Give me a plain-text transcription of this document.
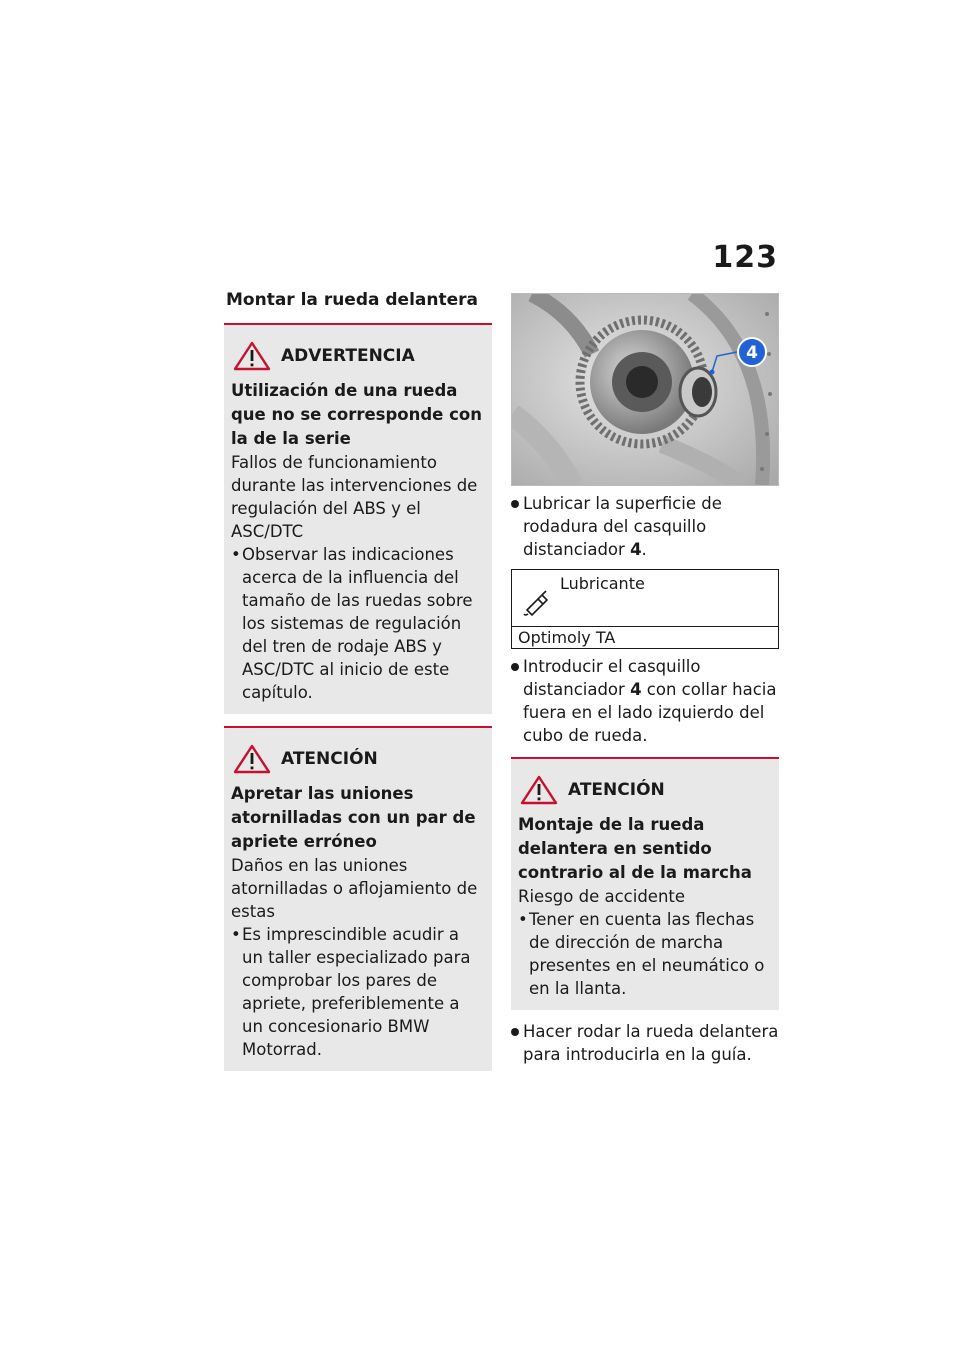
123
Montar la rueda delantera
ADVERTENCIA

Utilización de una rueda que no se corresponde con la de la serie

Fallos de funcionamiento durante las intervenciones de regulación del ABS y el ASC/DTC

• Observar las indicaciones acerca de la influencia del tamaño de las ruedas sobre los sistemas de regulación del tren de rodaje ABS y ASC/DTC al inicio de este capítulo.
ATENCIÓN

Apretar las uniones atornilladas con un par de apriete erróneo

Daños en las uniones atornilladas o aflojamiento de estas

• Es imprescindible acudir a un taller especializado para comprobar los pares de apriete, preferiblemente a un concesionario BMW Motorrad.
4
Lubricar la superficie de rodadura del casquillo distanciador 4.
Lubricante
Optimoly TA
Introducir el casquillo distanciador 4 con collar hacia fuera en el lado izquierdo del cubo de rueda.
ATENCIÓN

Montaje de la rueda delantera en sentido contrario al de la marcha

Riesgo de accidente

• Tener en cuenta las flechas de dirección de marcha presentes en el neumático o en la llanta.
Hacer rodar la rueda delantera para introducirla en la guía.
